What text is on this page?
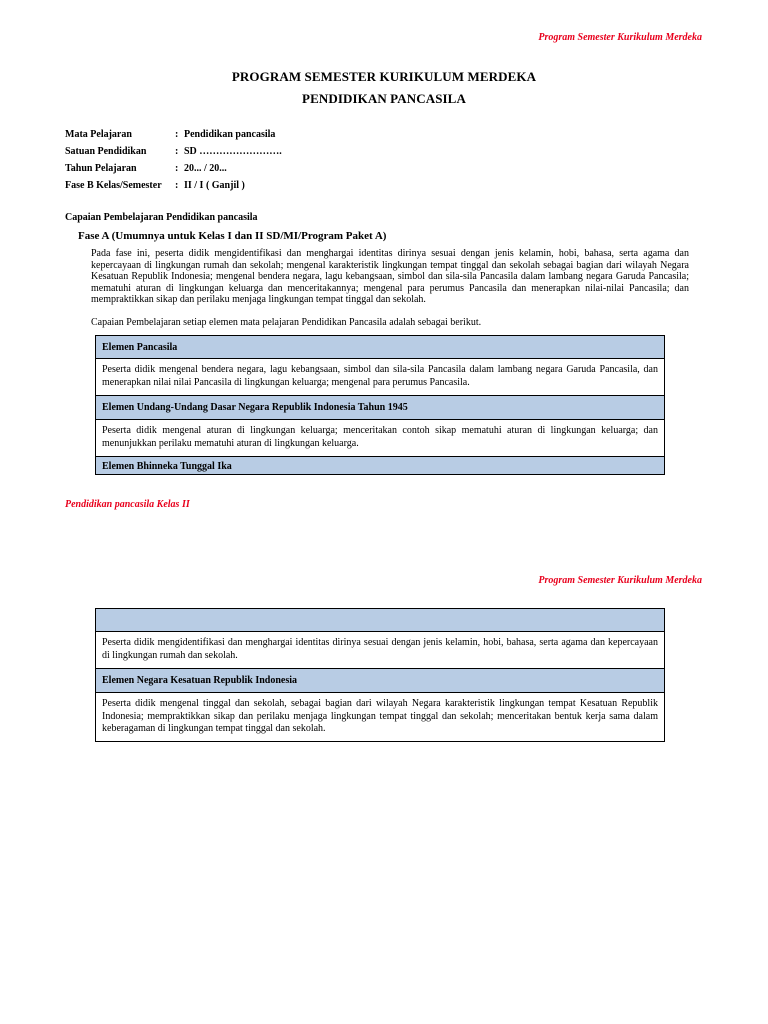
Program Semester Kurikulum Merdeka
PROGRAM SEMESTER KURIKULUM MERDEKA
PENDIDIKAN PANCASILA
Mata Pelajaran	: Pendidikan pancasila
Satuan Pendidikan	: SD …………………….
Tahun Pelajaran	: 20... / 20...
Fase B Kelas/Semester	: II / I ( Ganjil )
Capaian Pembelajaran Pendidikan pancasila
Fase A (Umumnya untuk Kelas I dan II SD/MI/Program Paket A)
Pada fase ini, peserta didik mengidentifikasi dan menghargai identitas dirinya sesuai dengan jenis kelamin, hobi, bahasa, serta agama dan kepercayaan di lingkungan rumah dan sekolah; mengenal karakteristik lingkungan tempat tinggal dan sekolah sebagai bagian dari wilayah Negara Kesatuan Republik Indonesia; mengenal bendera negara, lagu kebangsaan, simbol dan sila-sila Pancasila dalam lambang negara Garuda Pancasila; mematuhi aturan di lingkungan keluarga dan menceritakannya; mengenal para perumus Pancasila dan menerapkan nilai-nilai Pancasila; dan mempraktikkan sikap dan perilaku menjaga lingkungan tempat tinggal dan sekolah.
Capaian Pembelajaran setiap elemen mata pelajaran Pendidikan Pancasila adalah sebagai berikut.
Elemen Pancasila
Peserta didik mengenal bendera negara, lagu kebangsaan, simbol dan sila-sila Pancasila dalam lambang negara Garuda Pancasila, dan menerapkan nilai nilai Pancasila di lingkungan keluarga; mengenal para perumus Pancasila.
Elemen Undang-Undang Dasar Negara Republik Indonesia Tahun 1945
Peserta didik mengenal aturan di lingkungan keluarga; menceritakan contoh sikap mematuhi aturan di lingkungan keluarga; dan menunjukkan perilaku mematuhi aturan di lingkungan keluarga.
Elemen Bhinneka Tunggal Ika
Pendidikan pancasila Kelas II
Program Semester Kurikulum Merdeka
Peserta didik mengidentifikasi dan menghargai identitas dirinya sesuai dengan jenis kelamin, hobi, bahasa, serta agama dan kepercayaan di lingkungan rumah dan sekolah.
Elemen Negara Kesatuan Republik Indonesia
Peserta didik mengenal tinggal dan sekolah, sebagai bagian dari wilayah Negara karakteristik lingkungan tempat Kesatuan Republik Indonesia; mempraktikkan sikap dan perilaku menjaga lingkungan tempat tinggal dan sekolah; menceritakan bentuk kerja sama dalam keberagaman di lingkungan tempat tinggal dan sekolah.
